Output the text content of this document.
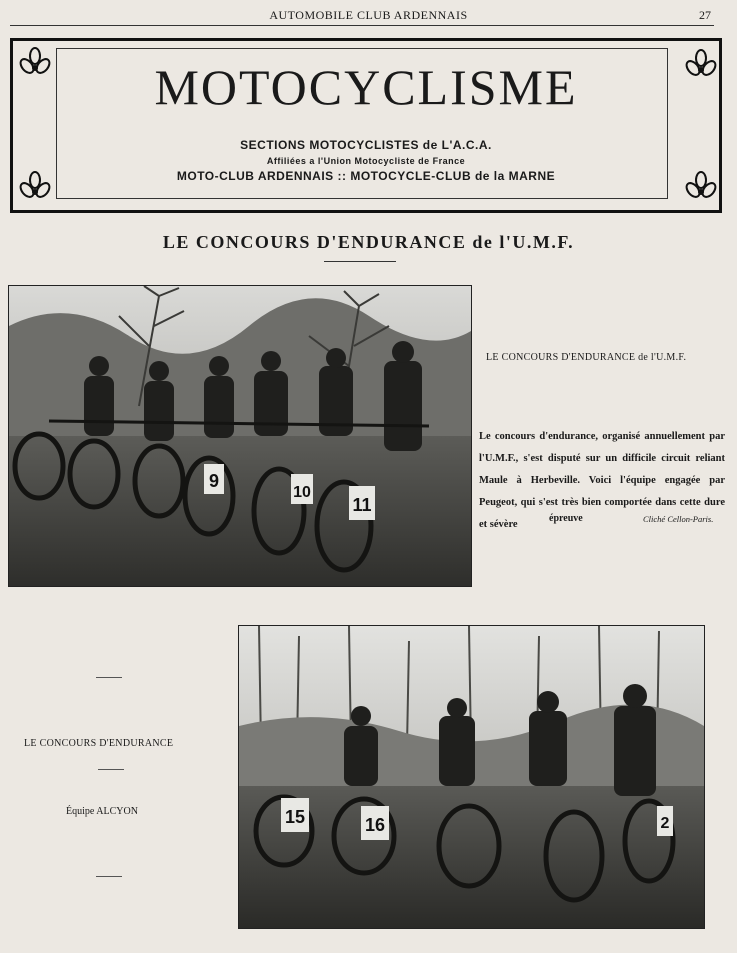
AUTOMOBILE CLUB ARDENNAIS	27
MOTOCYCLISME
SECTIONS MOTOCYCLISTES de L'A.C.A.
Affiliées a l'Union Motocycliste de France
MOTO-CLUB ARDENNAIS :: MOTOCYCLE-CLUB de la MARNE
LE CONCOURS D'ENDURANCE de l'U.M.F.
9
10
11
LE CONCOURS D'ENDURANCE de l'U.M.F.
Le concours d'endurance, organisé annuellement par l'U.M.F., s'est disputé sur un difficile circuit reliant Maule à Herbeville. Voici l'équipe engagée par Peugeot, qui s'est très bien comportée dans cette dure et sévère
épreuve	Cliché Cellon-Paris.
15	16	2
LE CONCOURS D'ENDURANCE
Équipe ALCYON
